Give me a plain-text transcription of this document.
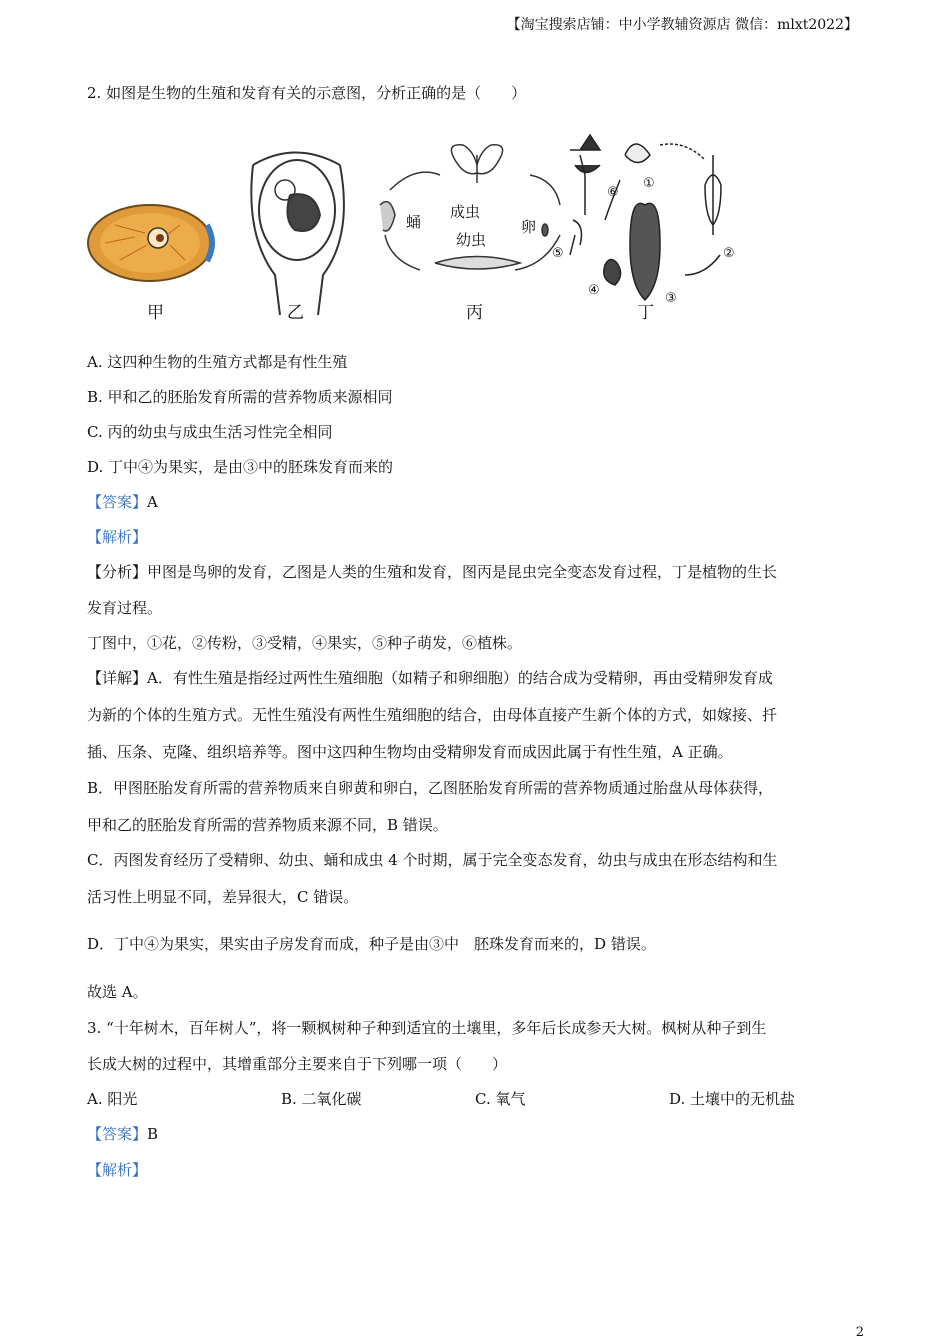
【淘宝搜索店铺：中小学教辅资源店 微信：mlxt2022】
2. 如图是生物的生殖和发育有关的示意图，分析正确的是（　　）
成虫
幼虫
蛹	卵
①
②
③
④
⑤
⑥
甲	乙	丙	丁
A. 这四种生物的生殖方式都是有性生殖
B. 甲和乙的胚胎发育所需的营养物质来源相同
C. 丙的幼虫与成虫生活习性完全相同
D. 丁中④为果实，是由③中的胚珠发育而来的
【答案】A
【解析】
【分析】甲图是鸟卵的发育，乙图是人类的生殖和发育，图丙是昆虫完全变态发育过程，丁是植物的生长
发育过程。
丁图中，①花，②传粉，③受精，④果实，⑤种子萌发，⑥植株。
【详解】A．有性生殖是指经过两性生殖细胞（如精子和卵细胞）的结合成为受精卵，再由受精卵发育成
为新的个体的生殖方式。无性生殖没有两性生殖细胞的结合，由母体直接产生新个体的方式，如嫁接、扦
插、压条、克隆、组织培养等。图中这四种生物均由受精卵发育而成因此属于有性生殖，A 正确。
B．甲图胚胎发育所需的营养物质来自卵黄和卵白，乙图胚胎发育所需的营养物质通过胎盘从母体获得，
甲和乙的胚胎发育所需的营养物质来源不同，B 错误。
C．丙图发育经历了受精卵、幼虫、蛹和成虫 4 个时期，属于完全变态发育，幼虫与成虫在形态结构和生
活习性上明显不同，差异很大，C 错误。
D．丁中④为果实，果实由子房发育而成，种子是由③中　胚珠发育而来的，D 错误。
故选 A。
3. “十年树木，百年树人”，将一颗枫树种子种到适宜的土壤里，多年后长成参天大树。枫树从种子到生
长成大树的过程中，其增重部分主要来自于下列哪一项（　　）
A. 阳光	B. 二氧化碳	C. 氧气	D. 土壤中的无机盐
【答案】B
【解析】
2
